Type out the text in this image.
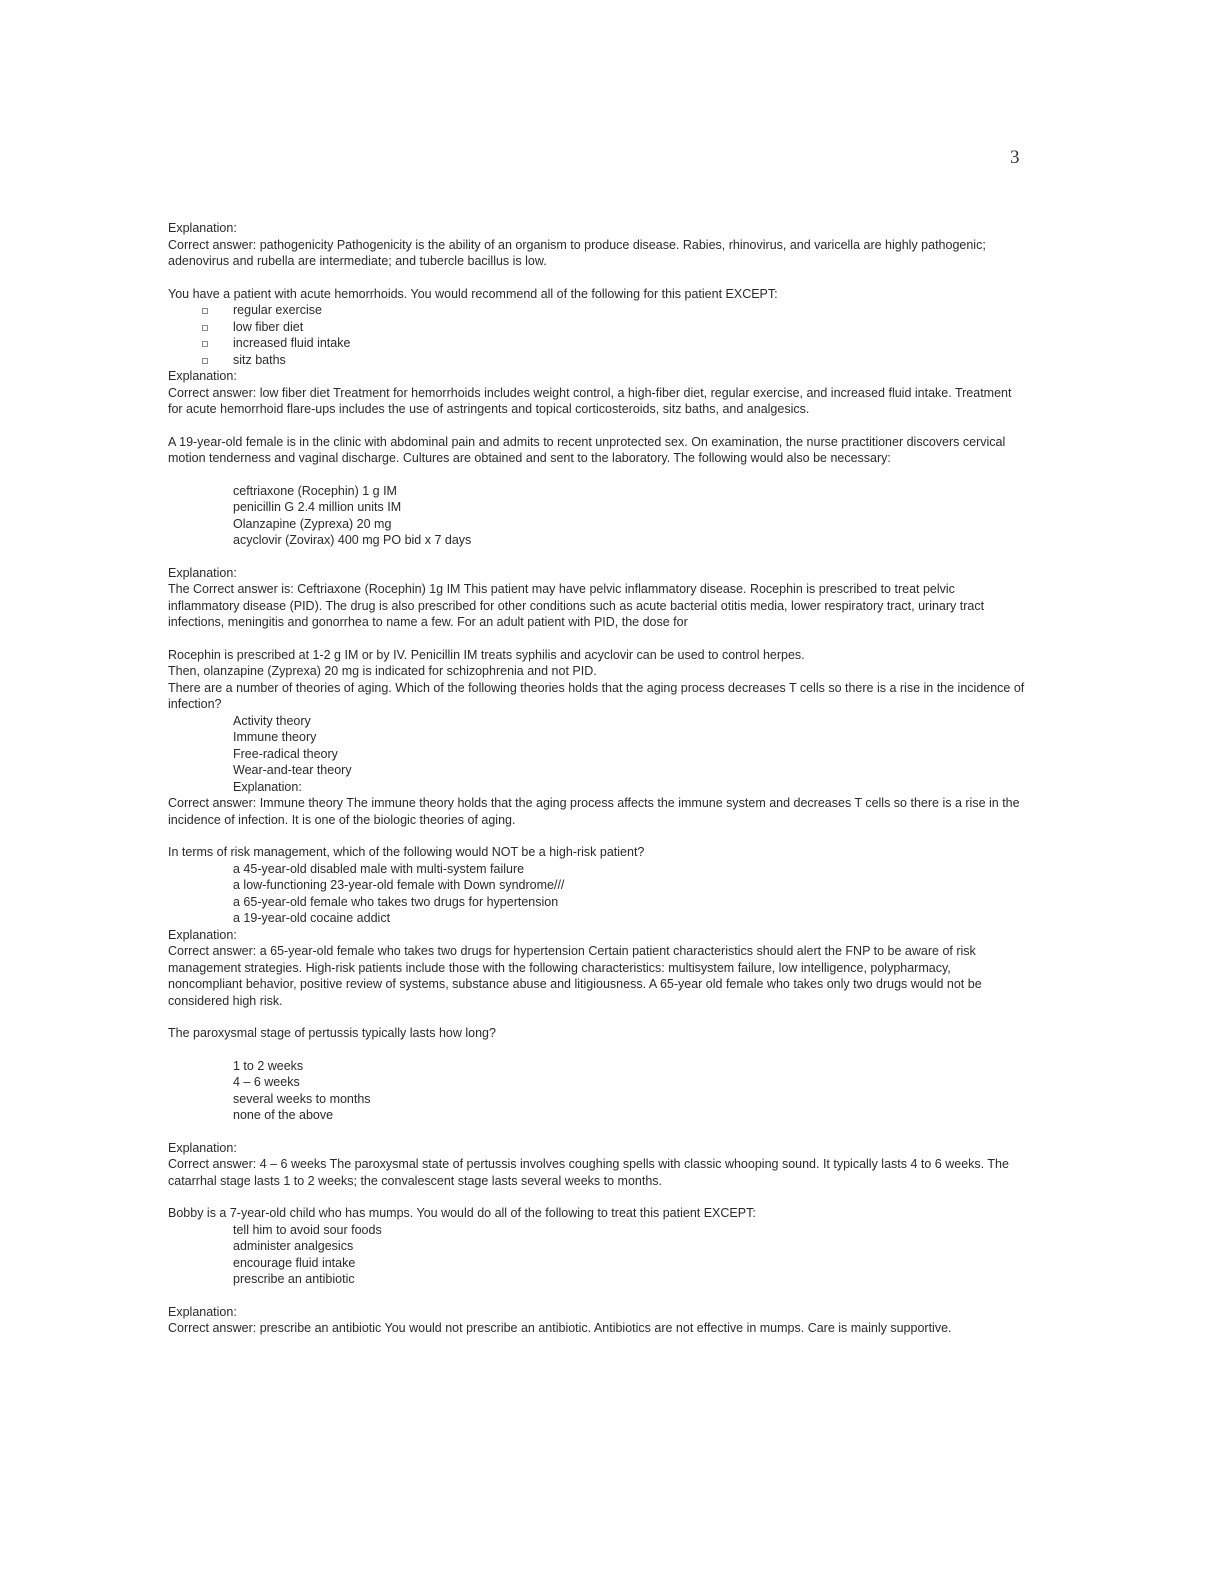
3

Explanation:

Correct answer: pathogenicity Pathogenicity is the ability of an organism to produce disease. Rabies, rhinovirus, and varicella are highly pathogenic; adenovirus and rubella are intermediate; and tubercle bacillus is low.

You have a patient with acute hemorrhoids. You would recommend all of the following for this patient EXCEPT:

regular exercise
low fiber diet
increased fluid intake
sitz baths

Explanation:

Correct answer: low fiber diet Treatment for hemorrhoids includes weight control, a high-fiber diet, regular exercise, and increased fluid intake. Treatment for acute hemorrhoid flare-ups includes the use of astringents and topical corticosteroids, sitz baths, and analgesics.

A 19-year-old female is in the clinic with abdominal pain and admits to recent unprotected sex. On examination, the nurse practitioner discovers cervical motion tenderness and vaginal discharge. Cultures are obtained and sent to the laboratory. The following would also be necessary:

ceftriaxone (Rocephin) 1 g IM
penicillin G 2.4 million units IM
Olanzapine (Zyprexa) 20 mg
acyclovir (Zovirax) 400 mg PO bid x 7 days

Explanation:

The Correct answer is: Ceftriaxone (Rocephin) 1g IM This patient may have pelvic inflammatory disease. Rocephin is prescribed to treat pelvic inflammatory disease (PID). The drug is also prescribed for other conditions such as acute bacterial otitis media, lower respiratory tract, urinary tract infections, meningitis and gonorrhea to name a few. For an adult patient with PID, the dose for

Rocephin is prescribed at 1-2 g IM or by IV. Penicillin IM treats syphilis and acyclovir can be used to control herpes.

Then, olanzapine (Zyprexa) 20 mg is indicated for schizophrenia and not PID.

There are a number of theories of aging. Which of the following theories holds that the aging process decreases T cells so there is a rise in the incidence of infection?

Activity theory
Immune theory
Free-radical theory
Wear-and-tear theory
Explanation:

Correct answer: Immune theory The immune theory holds that the aging process affects the immune system and decreases T cells so there is a rise in the incidence of infection. It is one of the biologic theories of aging.

In terms of risk management, which of the following would NOT be a high-risk patient?

a 45-year-old disabled male with multi-system failure
a low-functioning 23-year-old female with Down syndrome///
a 65-year-old female who takes two drugs for hypertension
a 19-year-old cocaine addict

Explanation:

Correct answer: a 65-year-old female who takes two drugs for hypertension Certain patient characteristics should alert the FNP to be aware of risk management strategies. High-risk patients include those with the following characteristics: multisystem failure, low intelligence, polypharmacy, noncompliant behavior, positive review of systems, substance abuse and litigiousness. A 65-year old female who takes only two drugs would not be considered high risk.

The paroxysmal stage of pertussis typically lasts how long?

1 to 2 weeks
4 – 6 weeks
several weeks to months
none of the above

Explanation:

Correct answer: 4 – 6 weeks The paroxysmal state of pertussis involves coughing spells with classic whooping sound. It typically lasts 4 to 6 weeks. The catarrhal stage lasts 1 to 2 weeks; the convalescent stage lasts several weeks to months.

Bobby is a 7-year-old child who has mumps. You would do all of the following to treat this patient EXCEPT:

tell him to avoid sour foods
administer analgesics
encourage fluid intake
prescribe an antibiotic

Explanation:

Correct answer: prescribe an antibiotic You would not prescribe an antibiotic. Antibiotics are not effective in mumps. Care is mainly supportive.
